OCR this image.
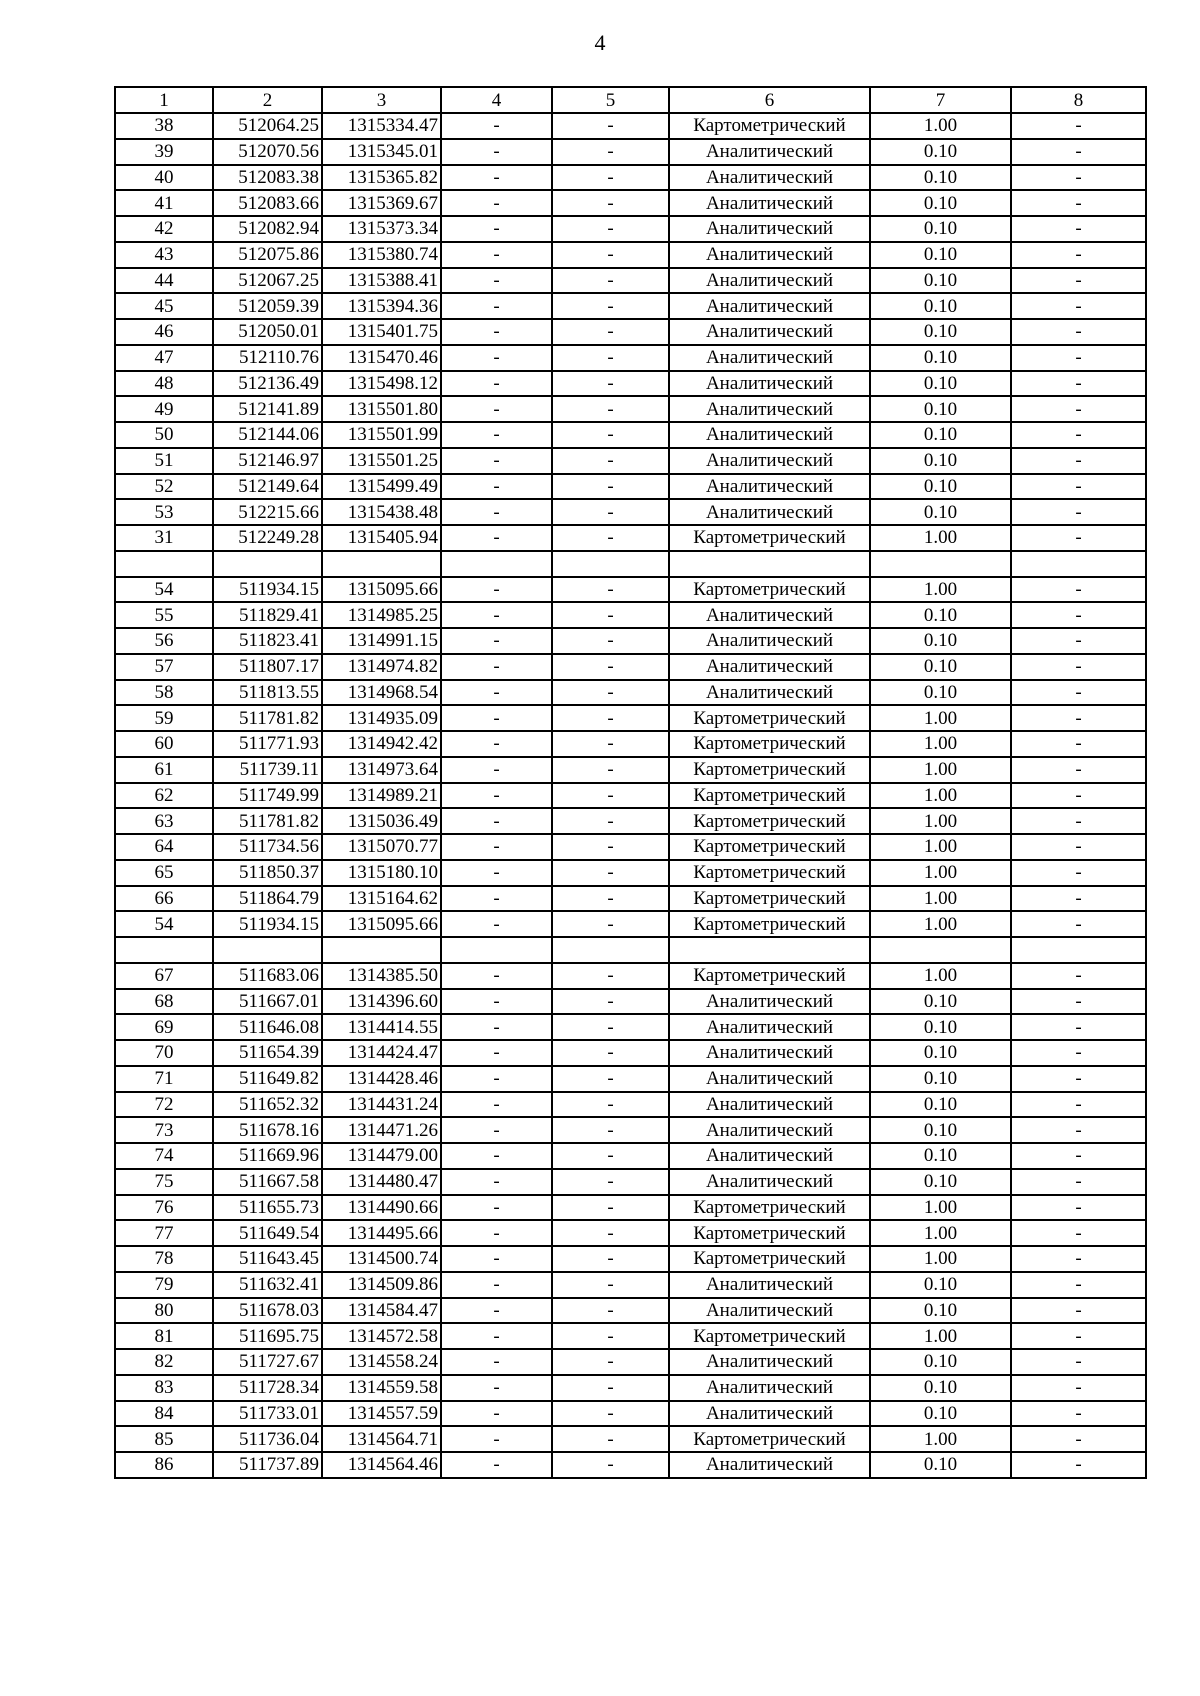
4
1	2	3	4	5	6	7	8
38	512064.25	1315334.47	-	-	Картометрический	1.00	-
39	512070.56	1315345.01	-	-	Аналитический	0.10	-
40	512083.38	1315365.82	-	-	Аналитический	0.10	-
41	512083.66	1315369.67	-	-	Аналитический	0.10	-
42	512082.94	1315373.34	-	-	Аналитический	0.10	-
43	512075.86	1315380.74	-	-	Аналитический	0.10	-
44	512067.25	1315388.41	-	-	Аналитический	0.10	-
45	512059.39	1315394.36	-	-	Аналитический	0.10	-
46	512050.01	1315401.75	-	-	Аналитический	0.10	-
47	512110.76	1315470.46	-	-	Аналитический	0.10	-
48	512136.49	1315498.12	-	-	Аналитический	0.10	-
49	512141.89	1315501.80	-	-	Аналитический	0.10	-
50	512144.06	1315501.99	-	-	Аналитический	0.10	-
51	512146.97	1315501.25	-	-	Аналитический	0.10	-
52	512149.64	1315499.49	-	-	Аналитический	0.10	-
53	512215.66	1315438.48	-	-	Аналитический	0.10	-
31	512249.28	1315405.94	-	-	Картометрический	1.00	-

54	511934.15	1315095.66	-	-	Картометрический	1.00	-
55	511829.41	1314985.25	-	-	Аналитический	0.10	-
56	511823.41	1314991.15	-	-	Аналитический	0.10	-
57	511807.17	1314974.82	-	-	Аналитический	0.10	-
58	511813.55	1314968.54	-	-	Аналитический	0.10	-
59	511781.82	1314935.09	-	-	Картометрический	1.00	-
60	511771.93	1314942.42	-	-	Картометрический	1.00	-
61	511739.11	1314973.64	-	-	Картометрический	1.00	-
62	511749.99	1314989.21	-	-	Картометрический	1.00	-
63	511781.82	1315036.49	-	-	Картометрический	1.00	-
64	511734.56	1315070.77	-	-	Картометрический	1.00	-
65	511850.37	1315180.10	-	-	Картометрический	1.00	-
66	511864.79	1315164.62	-	-	Картометрический	1.00	-
54	511934.15	1315095.66	-	-	Картометрический	1.00	-

67	511683.06	1314385.50	-	-	Картометрический	1.00	-
68	511667.01	1314396.60	-	-	Аналитический	0.10	-
69	511646.08	1314414.55	-	-	Аналитический	0.10	-
70	511654.39	1314424.47	-	-	Аналитический	0.10	-
71	511649.82	1314428.46	-	-	Аналитический	0.10	-
72	511652.32	1314431.24	-	-	Аналитический	0.10	-
73	511678.16	1314471.26	-	-	Аналитический	0.10	-
74	511669.96	1314479.00	-	-	Аналитический	0.10	-
75	511667.58	1314480.47	-	-	Аналитический	0.10	-
76	511655.73	1314490.66	-	-	Картометрический	1.00	-
77	511649.54	1314495.66	-	-	Картометрический	1.00	-
78	511643.45	1314500.74	-	-	Картометрический	1.00	-
79	511632.41	1314509.86	-	-	Аналитический	0.10	-
80	511678.03	1314584.47	-	-	Аналитический	0.10	-
81	511695.75	1314572.58	-	-	Картометрический	1.00	-
82	511727.67	1314558.24	-	-	Аналитический	0.10	-
83	511728.34	1314559.58	-	-	Аналитический	0.10	-
84	511733.01	1314557.59	-	-	Аналитический	0.10	-
85	511736.04	1314564.71	-	-	Картометрический	1.00	-
86	511737.89	1314564.46	-	-	Аналитический	0.10	-
